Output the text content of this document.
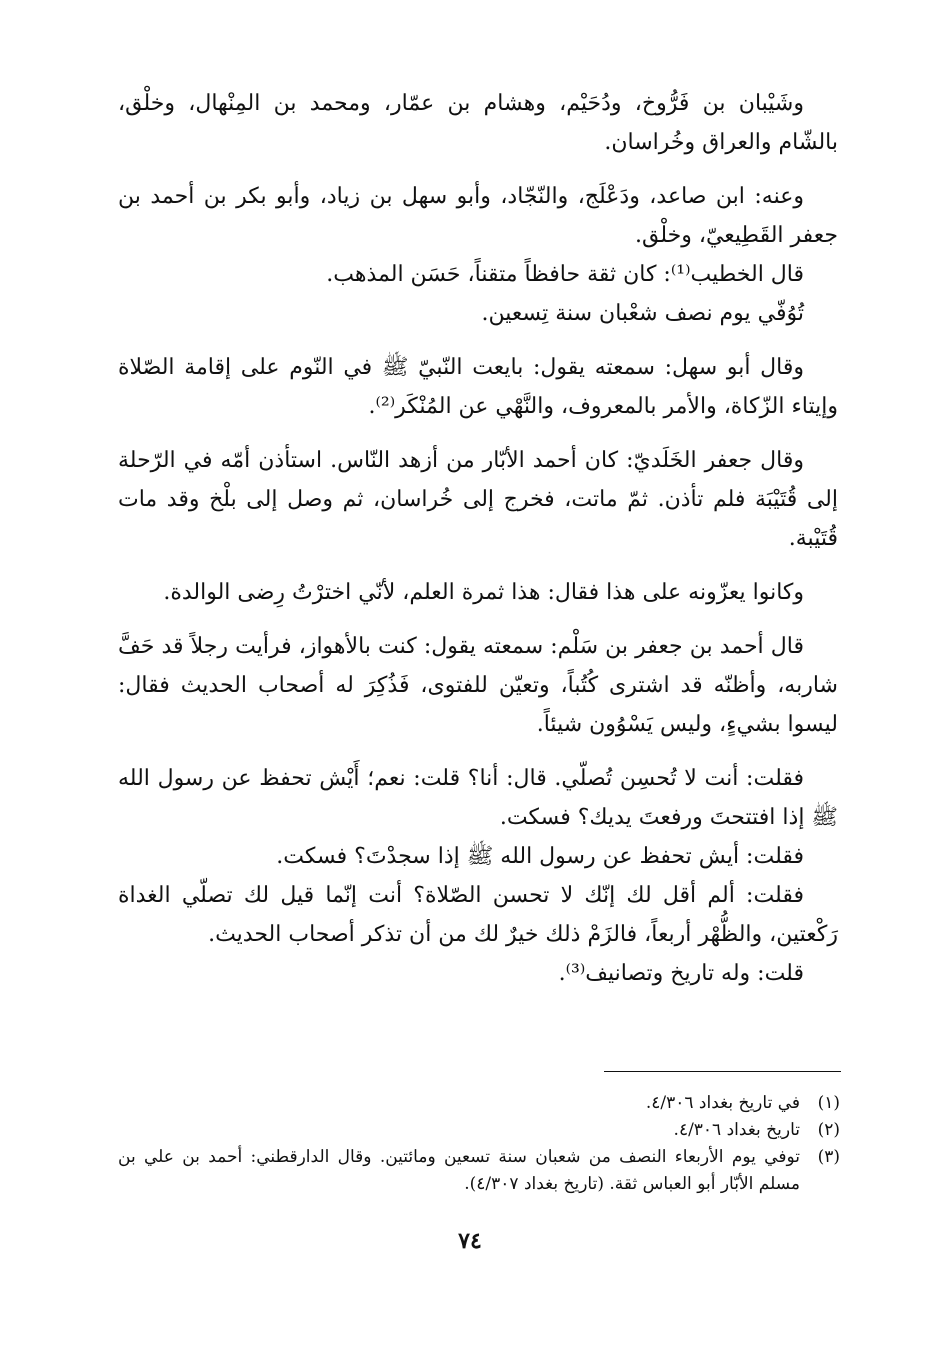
وشَيْبان بن فَرُّوخ، ودُحَيْم، وهشام بن عمّار، ومحمد بن المِنْهال، وخلْق، بالشّام والعراق وخُراسان.

وعنه: ابن صاعد، ودَعْلَج، والنّجّاد، وأبو سهل بن زياد، وأبو بكر بن أحمد بن جعفر القَطِيعيّ، وخلْق.

قال الخطيب⁽¹⁾: كان ثقة حافظاً متقناً، حَسَن المذهب.

تُوُفّي يوم نصف شعْبان سنة تِسعين.

وقال أبو سهل: سمعته يقول: بايعت النّبيّ ﷺ في النّوم على إقامة الصّلاة وإيتاء الزّكاة، والأمر بالمعروف، والنَّهْي عن المُنْكَر⁽²⁾.

وقال جعفر الخَلَديّ: كان أحمد الأبّار من أزهد النّاس. استأذن أمّه في الرّحلة إلى قُتَيْبَة فلم تأذن. ثمّ ماتت، فخرج إلى خُراسان، ثم وصل إلى بلْخ وقد مات قُتَيْبة.

وكانوا يعزّونه على هذا فقال: هذا ثمرة العلم، لأنّي اخترْتُ رِضى الوالدة.

قال أحمد بن جعفر بن سَلْم: سمعته يقول: كنت بالأهواز، فرأيت رجلاً قد حَفَّ شاربه، وأظنّه قد اشترى كُتُباً، وتعيّن للفتوى، فَذُكِرَ له أصحاب الحديث فقال: ليسوا بشيءٍ، وليس يَسْوُون شيئاً.

فقلت: أنت لا تُحسِن تُصلّي. قال: أنا؟ قلت: نعم؛ أَيْش تحفظ عن رسول الله ﷺ إذا افتتحتَ ورفعتَ يديك؟ فسكت.

فقلت: أيش تحفظ عن رسول الله ﷺ إذا سجدْتَ؟ فسكت.

فقلت: ألم أقل لك إنّك لا تحسن الصّلاة؟ أنت إنّما قيل لك تصلّي الغداة رَكْعتين، والظُّهْر أربعاً، فالزَمْ ذلك خيرٌ لك من أن تذكر أصحاب الحديث.

قلت: وله تاريخ وتصانيف⁽³⁾.

(١)
في تاريخ بغداد ٤/٣٠٦.
(٢)
تاريخ بغداد ٤/٣٠٦.
(٣)
توفي يوم الأربعاء النصف من شعبان سنة تسعين ومائتين. وقال الدارقطني: أحمد بن علي بن مسلم الأبّار أبو العباس ثقة. (تاريخ بغداد ٤/٣٠٧).
٧٤
